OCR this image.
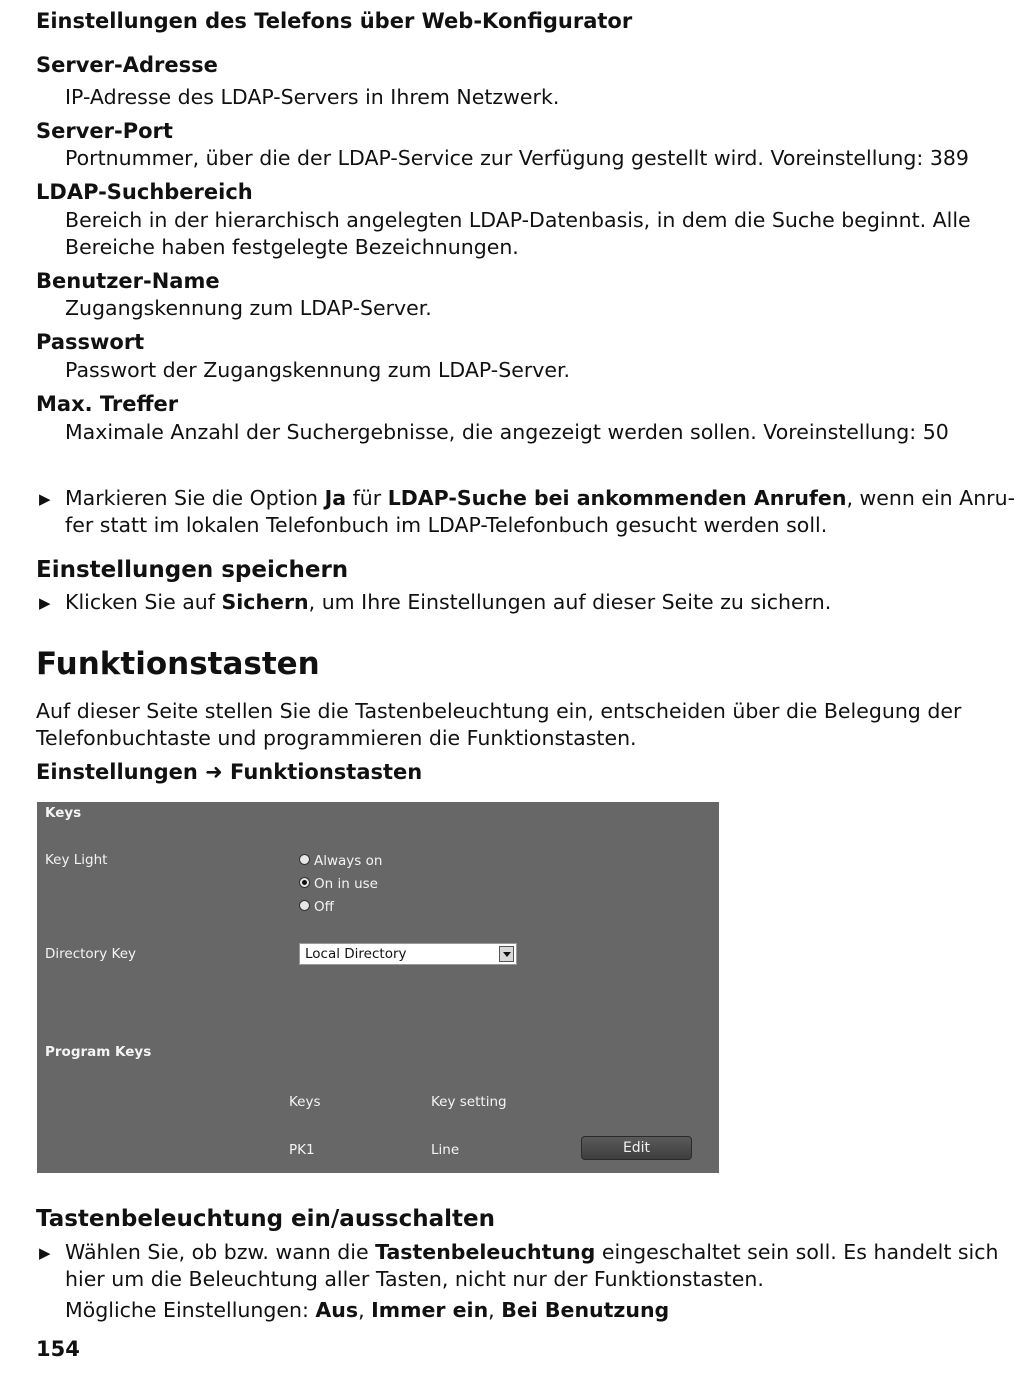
Einstellungen des Telefons über Web-Konfigurator
Server-Adresse
IP-Adresse des LDAP-Servers in Ihrem Netzwerk.
Server-Port
Portnummer, über die der LDAP-Service zur Verfügung gestellt wird. Voreinstellung: 389
LDAP-Suchbereich
Bereich in der hierarchisch angelegten LDAP-Datenbasis, in dem die Suche beginnt. Alle
Bereiche haben festgelegte Bezeichnungen.
Benutzer-Name
Zugangskennung zum LDAP-Server.
Passwort
Passwort der Zugangskennung zum LDAP-Server.
Max. Treffer
Maximale Anzahl der Suchergebnisse, die angezeigt werden sollen. Voreinstellung: 50
▶ Markieren Sie die Option Ja für LDAP-Suche bei ankommenden Anrufen, wenn ein Anru-
fer statt im lokalen Telefonbuch im LDAP-Telefonbuch gesucht werden soll.
Einstellungen speichern
▶ Klicken Sie auf Sichern, um Ihre Einstellungen auf dieser Seite zu sichern.
Funktionstasten
Auf dieser Seite stellen Sie die Tastenbeleuchtung ein, entscheiden über die Belegung der
Telefonbuchtaste und programmieren die Funktionstasten.
Einstellungen ➜ Funktionstasten
Keys
Key Light	Always on
On in use
Off
Directory Key	Local Directory
Program Keys
Keys	Key setting
PK1	Line	Edit
Tastenbeleuchtung ein/ausschalten
▶ Wählen Sie, ob bzw. wann die Tastenbeleuchtung eingeschaltet sein soll. Es handelt sich
hier um die Beleuchtung aller Tasten, nicht nur der Funktionstasten.
Mögliche Einstellungen: Aus, Immer ein, Bei Benutzung
154
